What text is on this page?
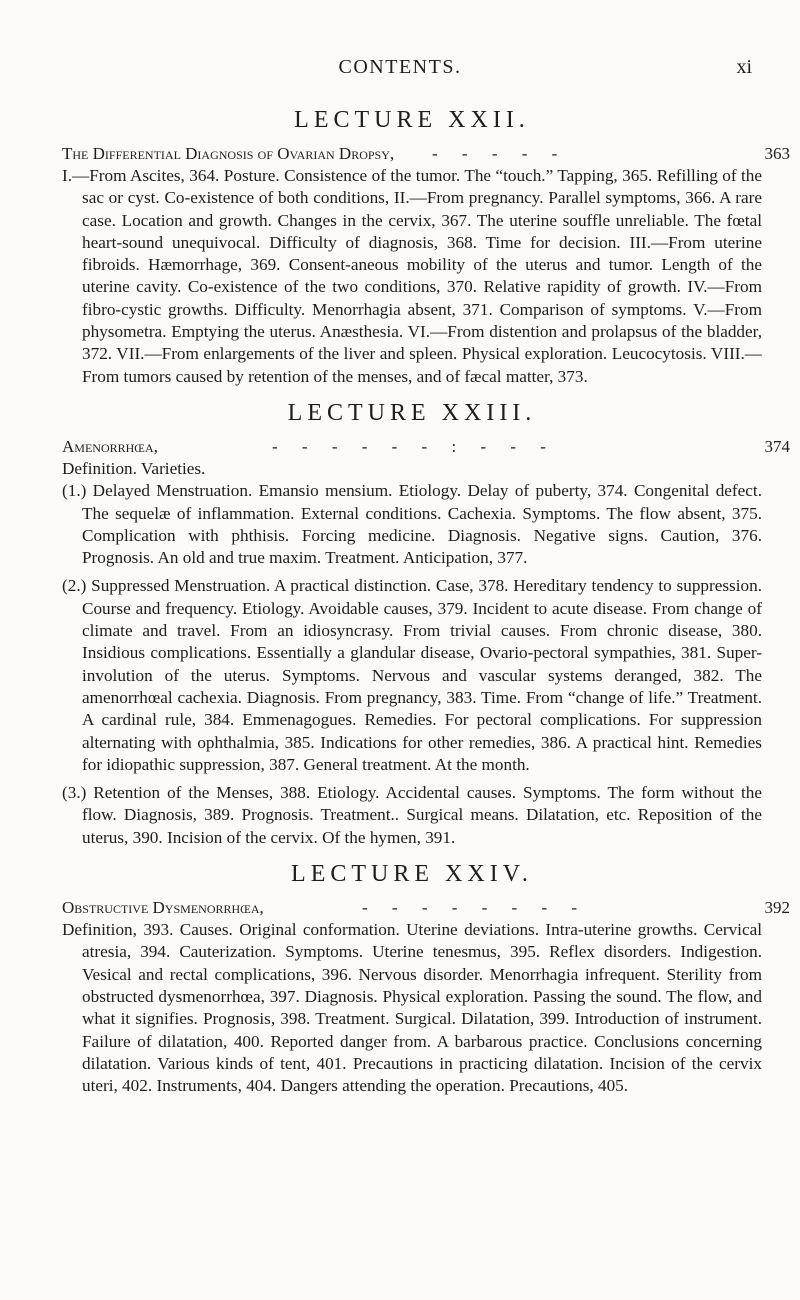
CONTENTS.	xi
LECTURE XXII.
The Differential Diagnosis of Ovarian Dropsy, - - - - -	363

I.—From Ascites, 364. Posture. Consistence of the tumor. The “touch.” Tapping, 365. Refilling of the sac or cyst. Co-existence of both conditions, II.—From pregnancy. Parallel symptoms, 366. A rare case. Location and growth. Changes in the cervix, 367. The uterine souffle unreliable. The fœtal heart-sound unequivocal. Difficulty of diagnosis, 368. Time for decision. III.—From uterine fibroids. Hæmorrhage, 369. Consent-aneous mobility of the uterus and tumor. Length of the uterine cavity. Co-existence of the two conditions, 370. Relative rapidity of growth. IV.—From fibro-cystic growths. Difficulty. Menorrhagia absent, 371. Comparison of symptoms. V.—From physometra. Emptying the uterus. Anæsthesia. VI.—From distention and prolapsus of the bladder, 372. VII.—From enlargements of the liver and spleen. Physical exploration. Leucocytosis. VIII.—From tumors caused by retention of the menses, and of fæcal matter, 373.

LECTURE XXIII.
Amenorrhœa,	- - - - - - : - - -	374

Definition. Varieties.

(1.) Delayed Menstruation. Emansio mensium. Etiology. Delay of puberty, 374. Congenital defect. The sequelæ of inflammation. External conditions. Cachexia. Symptoms. The flow absent, 375. Complication with phthisis. Forcing medicine. Diagnosis. Negative signs. Caution, 376. Prognosis. An old and true maxim. Treatment. Anticipation, 377.

(2.) Suppressed Menstruation. A practical distinction. Case, 378. Hereditary tendency to suppression. Course and frequency. Etiology. Avoidable causes, 379. Incident to acute disease. From change of climate and travel. From an idiosyncrasy. From trivial causes. From chronic disease, 380. Insidious complications. Essentially a glandular disease, Ovario-pectoral sympathies, 381. Super-involution of the uterus. Symptoms. Nervous and vascular systems deranged, 382. The amenorrhœal cachexia. Diagnosis. From pregnancy, 383. Time. From “change of life.” Treatment. A cardinal rule, 384. Emmenagogues. Remedies. For pectoral complications. For suppression alternating with ophthalmia, 385. Indications for other remedies, 386. A practical hint. Remedies for idiopathic suppression, 387. General treatment. At the month.

(3.) Retention of the Menses, 388. Etiology. Accidental causes. Symptoms. The form without the flow. Diagnosis, 389. Prognosis. Treatment.. Surgical means. Dilatation, etc. Reposition of the uterus, 390. Incision of the cervix. Of the hymen, 391.

LECTURE XXIV.
Obstructive Dysmenorrhœa,	- - - - - - - -	392

Definition, 393. Causes. Original conformation. Uterine deviations. Intra-uterine growths. Cervical atresia, 394. Cauterization. Symptoms. Uterine tenesmus, 395. Reflex disorders. Indigestion. Vesical and rectal complications, 396. Nervous disorder. Menorrhagia infrequent. Sterility from obstructed dysmenorrhœa, 397. Diagnosis. Physical exploration. Passing the sound. The flow, and what it signifies. Prognosis, 398. Treatment. Surgical. Dilatation, 399. Introduction of instrument. Failure of dilatation, 400. Reported danger from. A barbarous practice. Conclusions concerning dilatation. Various kinds of tent, 401. Precautions in practicing dilatation. Incision of the cervix uteri, 402. Instruments, 404. Dangers attending the operation. Precautions, 405.
